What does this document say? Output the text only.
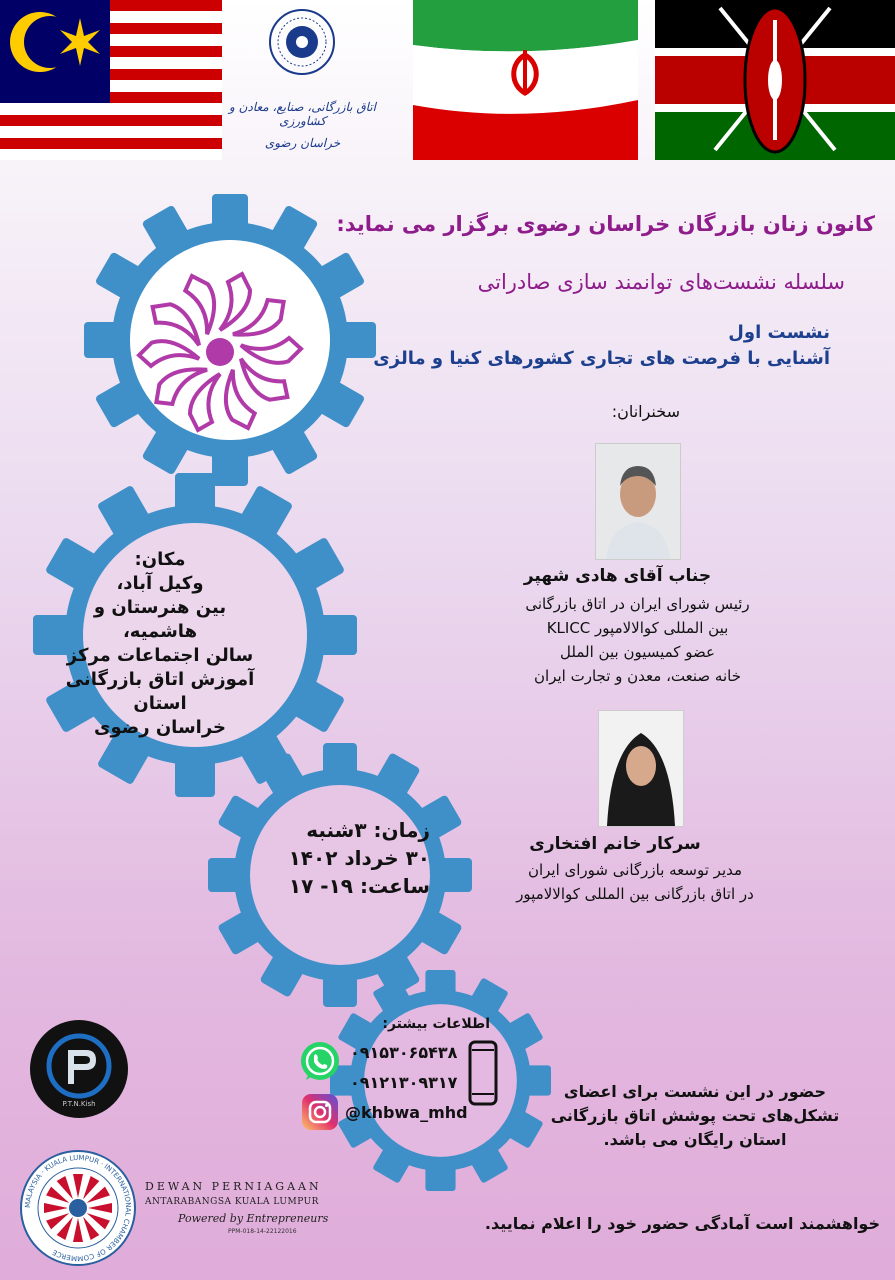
اتاق بازرگانی، صنایع، معادن و کشاورزی
خراسان رضوی
کانون زنان بازرگان خراسان رضوی برگزار می نماید:
سلسله نشست‌های توانمند سازی صادراتی
نشست اول
آشنایی با فرصت های تجاری کشورهای کنیا و مالزی
سخنرانان:
جناب آقای هادی شهپر
رئیس شورای ایران در اتاق بازرگانی
بین المللی کوالالامپور KLICC
عضو کمیسیون بین الملل
خانه صنعت، معدن و تجارت ایران
سرکار خانم افتخاری
مدیر توسعه بازرگانی شورای ایران
در اتاق بازرگانی بین المللی کوالالامپور
مکان:
وکیل آباد،
بین هنرستان و هاشمیه،
سالن اجتماعات مرکز
آموزش اتاق بازرگانی استان
خراسان رضوی
زمان: ۳شنبه
۳۰ خرداد ۱۴۰۲
ساعت: ۱۹- ۱۷
اطلاعات بیشتر:
۰۹۱۵۳۰۶۵۴۳۸
۰۹۱۲۱۳۰۹۳۱۷
@khbwa_mhd
حضور در این نشست برای اعضای
تشکل‌های تحت پوشش اتاق بازرگانی
استان رایگان می باشد.
خواهشمند است آمادگی حضور خود را اعلام نمایید.
P.T.N.Kish
MALAYSIA · KUALA LUMPUR · INTERNATIONAL CHAMBER OF COMMERCE
DEWAN PERNIAGAAN
ANTARABANGSA KUALA LUMPUR
Powered by Entrepreneurs
PPM-018-14-22122016
